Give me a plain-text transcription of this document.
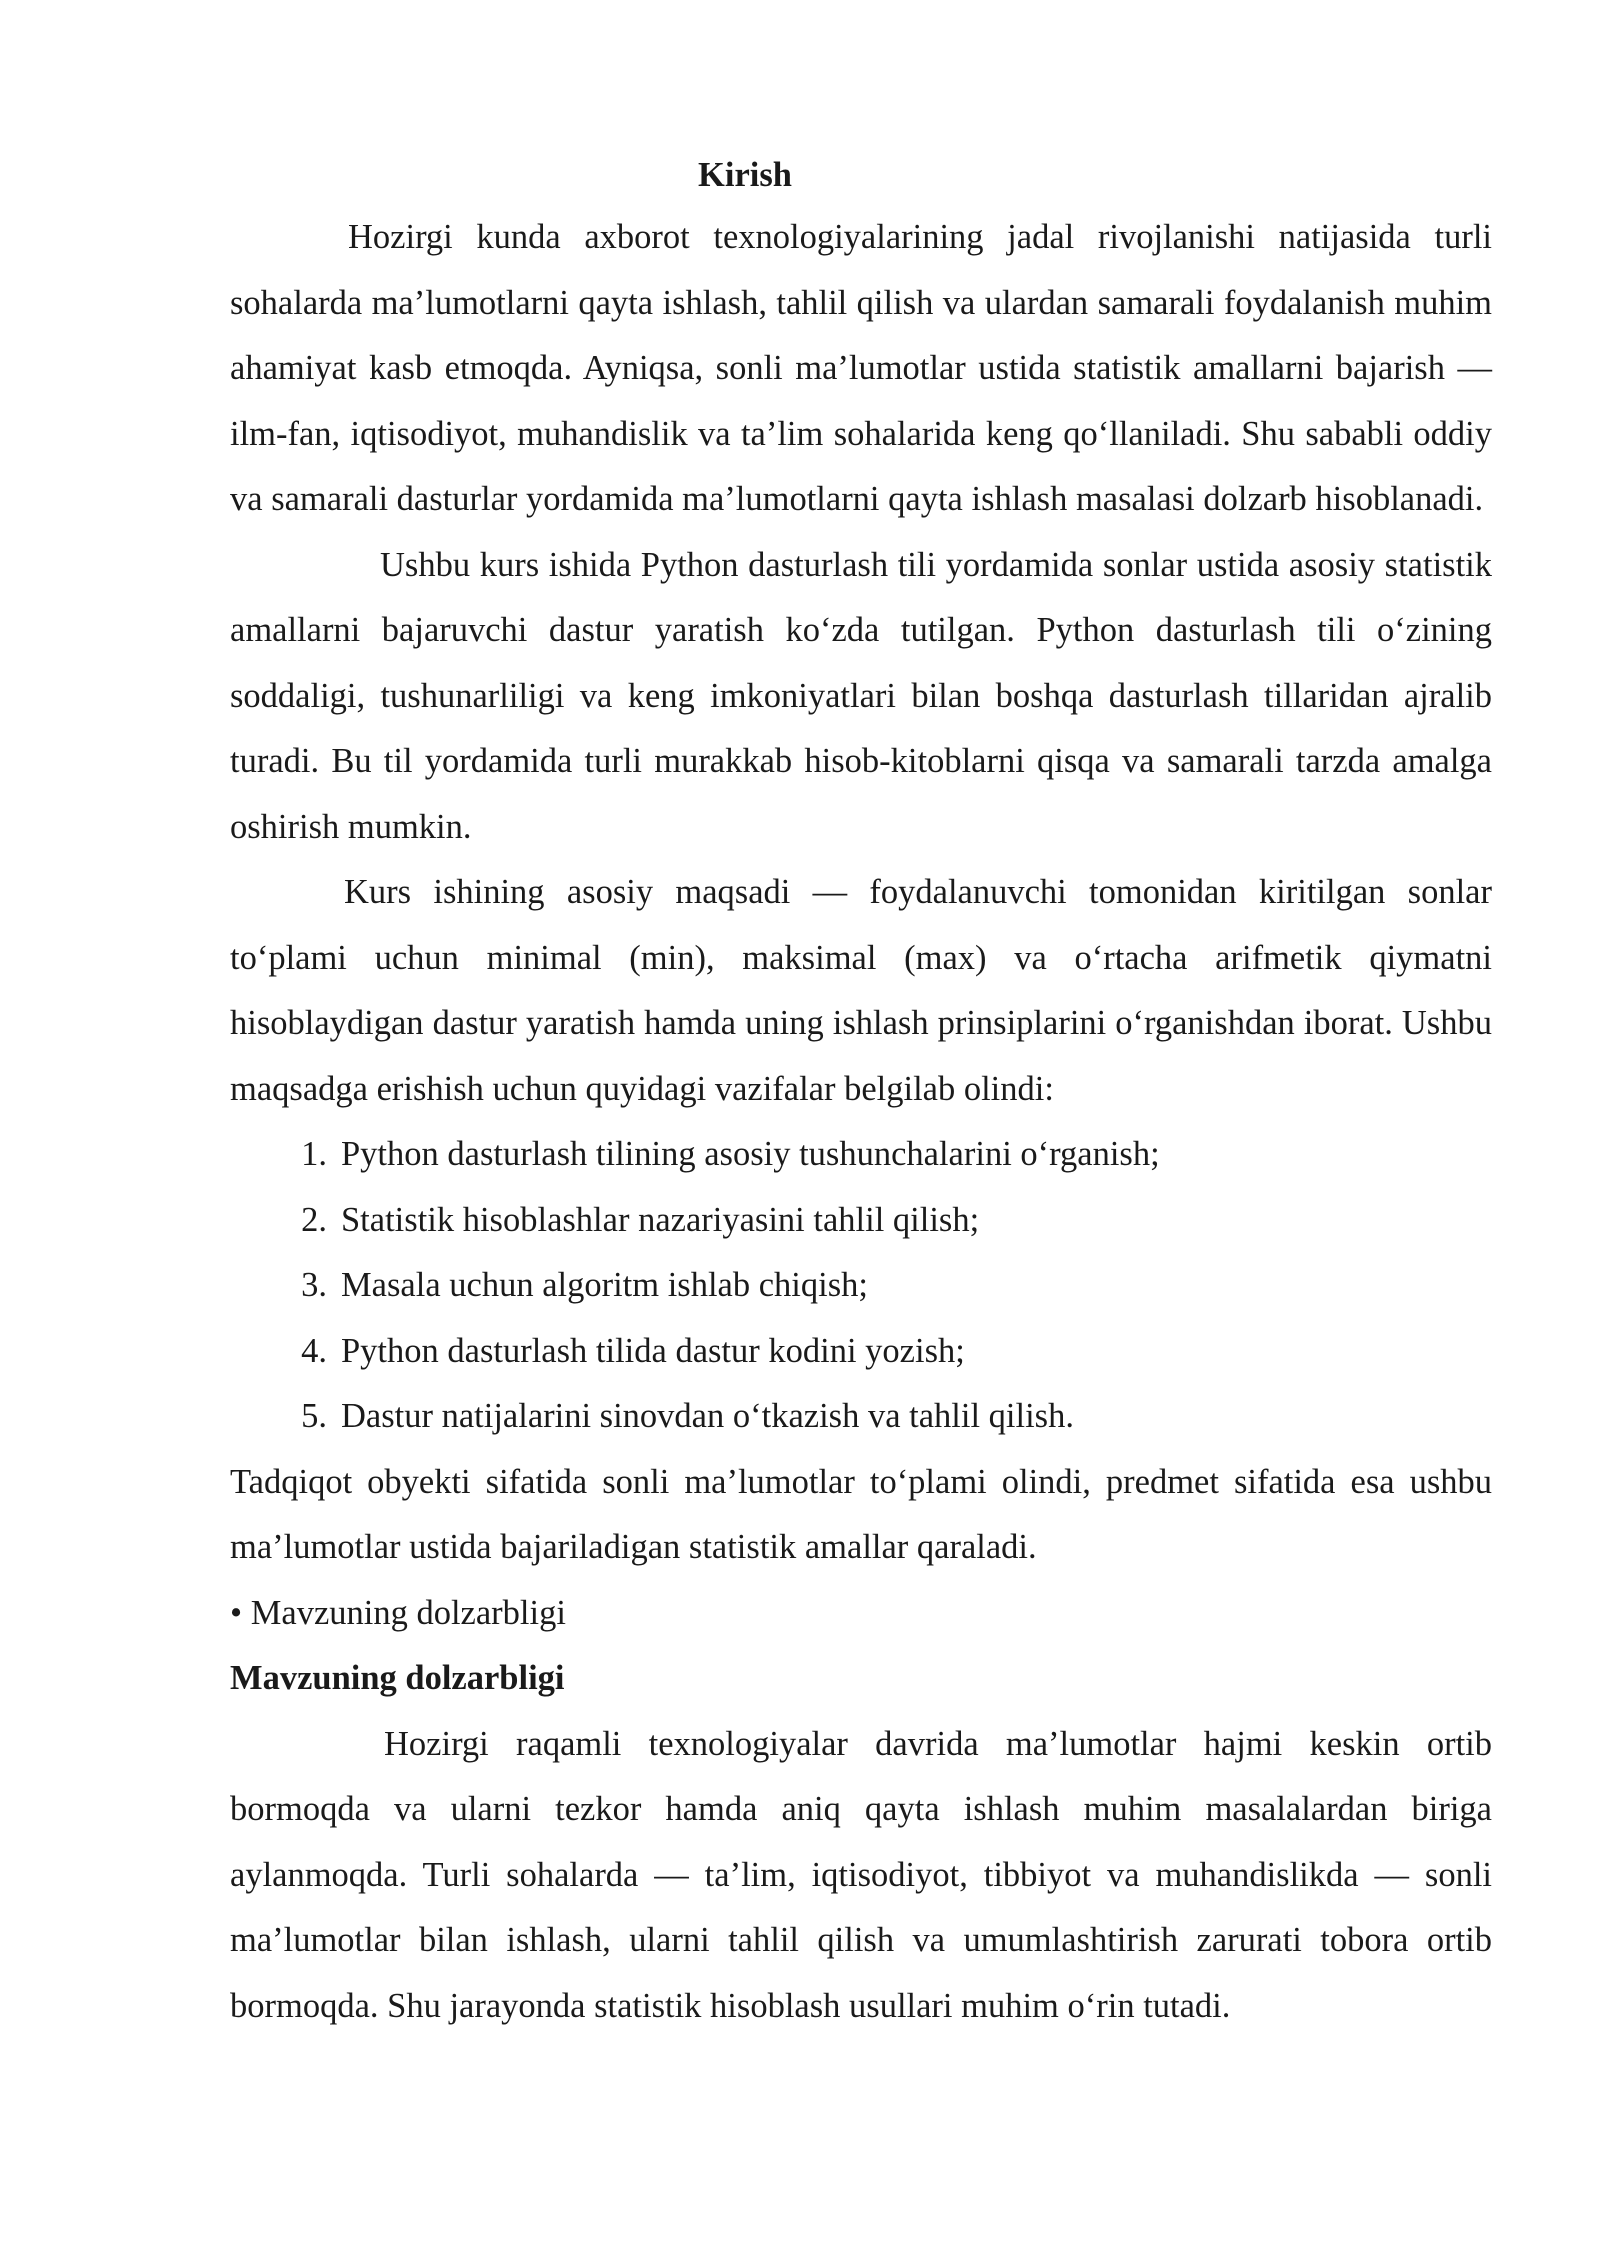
Kirish

Hozirgi kunda axborot texnologiyalarining jadal rivojlanishi natijasida turli sohalarda ma’lumotlarni qayta ishlash, tahlil qilish va ulardan samarali foydalanish muhim ahamiyat kasb etmoqda. Ayniqsa, sonli ma’lumotlar ustida statistik amallarni bajarish — ilm-fan, iqtisodiyot, muhandislik va ta’lim sohalarida keng qo‘llaniladi. Shu sababli oddiy va samarali dasturlar yordamida ma’lumotlarni qayta ishlash masalasi dolzarb hisoblanadi.

Ushbu kurs ishida Python dasturlash tili yordamida sonlar ustida asosiy statistik amallarni bajaruvchi dastur yaratish ko‘zda tutilgan. Python dasturlash tili o‘zining soddaligi, tushunarliligi va keng imkoniyatlari bilan boshqa dasturlash tillaridan ajralib turadi. Bu til yordamida turli murakkab hisob-kitoblarni qisqa va samarali tarzda amalga oshirish mumkin.

Kurs ishining asosiy maqsadi — foydalanuvchi tomonidan kiritilgan sonlar to‘plami uchun minimal (min), maksimal (max) va o‘rtacha arifmetik qiymatni hisoblaydigan dastur yaratish hamda uning ishlash prinsiplarini o‘rganishdan iborat. Ushbu maqsadga erishish uchun quyidagi vazifalar belgilab olindi:

1. Python dasturlash tilining asosiy tushunchalarini o‘rganish;
2. Statistik hisoblashlar nazariyasini tahlil qilish;
3. Masala uchun algoritm ishlab chiqish;
4. Python dasturlash tilida dastur kodini yozish;
5. Dastur natijalarini sinovdan o‘tkazish va tahlil qilish.

Tadqiqot obyekti sifatida sonli ma’lumotlar to‘plami olindi, predmet sifatida esa ushbu ma’lumotlar ustida bajariladigan statistik amallar qaraladi.

• Mavzuning dolzarbligi

Mavzuning dolzarbligi

Hozirgi raqamli texnologiyalar davrida ma’lumotlar hajmi keskin ortib bormoqda va ularni tezkor hamda aniq qayta ishlash muhim masalalardan biriga aylanmoqda. Turli sohalarda — ta’lim, iqtisodiyot, tibbiyot va muhandislikda — sonli ma’lumotlar bilan ishlash, ularni tahlil qilish va umumlashtirish zarurati tobora ortib bormoqda. Shu jarayonda statistik hisoblash usullari muhim o‘rin tutadi.
